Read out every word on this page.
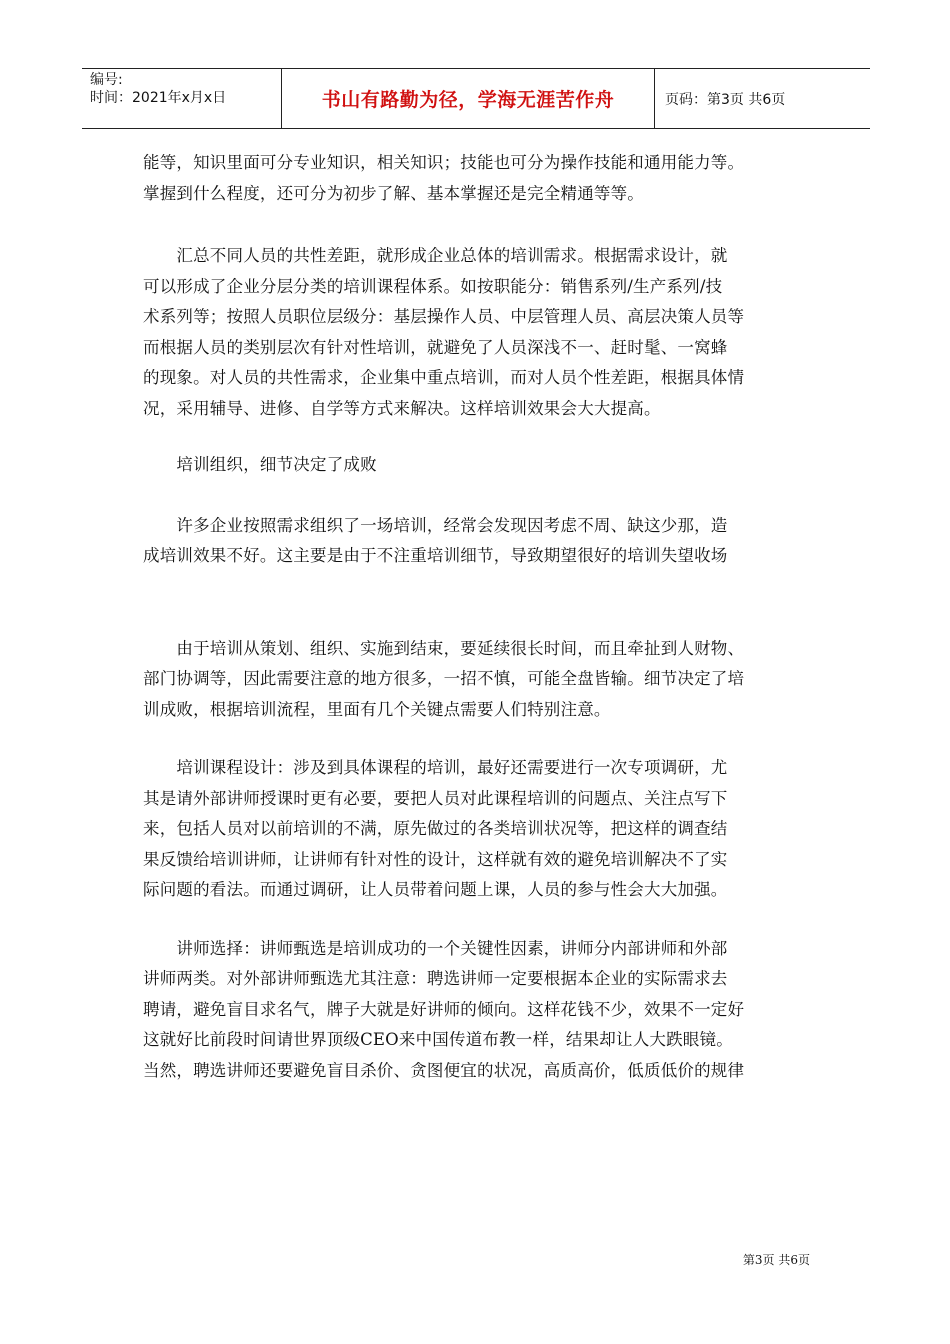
编号:
时间：2021年x月x日	书山有路勤为径，学海无涯苦作舟	页码：第3页 共6页

能等，知识里面可分专业知识，相关知识；技能也可分为操作技能和通用能力等。
掌握到什么程度，还可分为初步了解、基本掌握还是完全精通等等。

　　汇总不同人员的共性差距，就形成企业总体的培训需求。根据需求设计，就
可以形成了企业分层分类的培训课程体系。如按职能分：销售系列/生产系列/技
术系列等；按照人员职位层级分：基层操作人员、中层管理人员、高层决策人员等
而根据人员的类别层次有针对性培训，就避免了人员深浅不一、赶时髦、一窝蜂
的现象。对人员的共性需求，企业集中重点培训，而对人员个性差距，根据具体情
况，采用辅导、进修、自学等方式来解决。这样培训效果会大大提高。

　　培训组织，细节决定了成败

　　许多企业按照需求组织了一场培训，经常会发现因考虑不周、缺这少那，造
成培训效果不好。这主要是由于不注重培训细节，导致期望很好的培训失望收场

　　由于培训从策划、组织、实施到结束，要延续很长时间，而且牵扯到人财物、
部门协调等，因此需要注意的地方很多，一招不慎，可能全盘皆输。细节决定了培
训成败，根据培训流程，里面有几个关键点需要人们特别注意。

　　培训课程设计：涉及到具体课程的培训，最好还需要进行一次专项调研，尤
其是请外部讲师授课时更有必要，要把人员对此课程培训的问题点、关注点写下
来，包括人员对以前培训的不满，原先做过的各类培训状况等，把这样的调查结
果反馈给培训讲师，让讲师有针对性的设计，这样就有效的避免培训解决不了实
际问题的看法。而通过调研，让人员带着问题上课，人员的参与性会大大加强。

　　讲师选择：讲师甄选是培训成功的一个关键性因素，讲师分内部讲师和外部
讲师两类。对外部讲师甄选尤其注意：聘选讲师一定要根据本企业的实际需求去
聘请，避免盲目求名气，牌子大就是好讲师的倾向。这样花钱不少，效果不一定好
这就好比前段时间请世界顶级CEO来中国传道布教一样，结果却让人大跌眼镜。
当然，聘选讲师还要避免盲目杀价、贪图便宜的状况，高质高价，低质低价的规律

第3页 共6页
